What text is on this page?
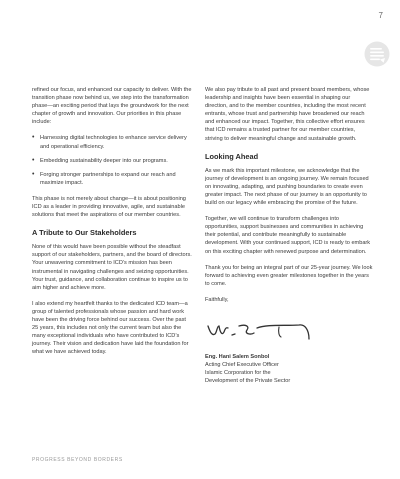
7

refined our focus, and enhanced our capacity to deliver. With the transition phase now behind us, we step into the transformation phase—an exciting period that lays the groundwork for the next chapter of growth and innovation. Our priorities in this phase include:

• Harnessing digital technologies to enhance service delivery and operational efficiency.
• Embedding sustainability deeper into our programs.
• Forging stronger partnerships to expand our reach and maximize impact.

This phase is not merely about change—it is about positioning ICD as a leader in providing innovative, agile, and sustainable solutions that meet the aspirations of our member countries.

A Tribute to Our Stakeholders

None of this would have been possible without the steadfast support of our stakeholders, partners, and the board of directors. Your unwavering commitment to ICD’s mission has been instrumental in navigating challenges and seizing opportunities. Your trust, guidance, and collaboration continue to inspire us to aim higher and achieve more.

I also extend my heartfelt thanks to the dedicated ICD team—a group of talented professionals whose passion and hard work have been the driving force behind our success. Over the past 25 years, this includes not only the current team but also the many exceptional individuals who have contributed to ICD’s journey. Their vision and dedication have laid the foundation for what we have achieved today.

We also pay tribute to all past and present board members, whose leadership and insights have been essential in shaping our direction, and to the member countries, including the most recent entrants, whose trust and partnership have broadened our reach and enhanced our impact. Together, this collective effort ensures that ICD remains a trusted partner for our member countries, striving to deliver meaningful change and sustainable growth.

Looking Ahead

As we mark this important milestone, we acknowledge that the journey of development is an ongoing journey. We remain focused on innovating, adapting, and pushing boundaries to create even greater impact. The next phase of our journey is an opportunity to build on our legacy while embracing the promise of the future.

Together, we will continue to transform challenges into opportunities, support businesses and communities in achieving their potential, and contribute meaningfully to sustainable development. With your continued support, ICD is ready to embark on this exciting chapter with renewed purpose and determination.

Thank you for being an integral part of our 25-year journey. We look forward to achieving even greater milestones together in the years to come.

Faithfully,

Eng. Hani Salem Sonbol

Acting Chief Executive Officer

Islamic Corporation for the

Development of the Private Sector

PROGRESS BEYOND BORDERS
